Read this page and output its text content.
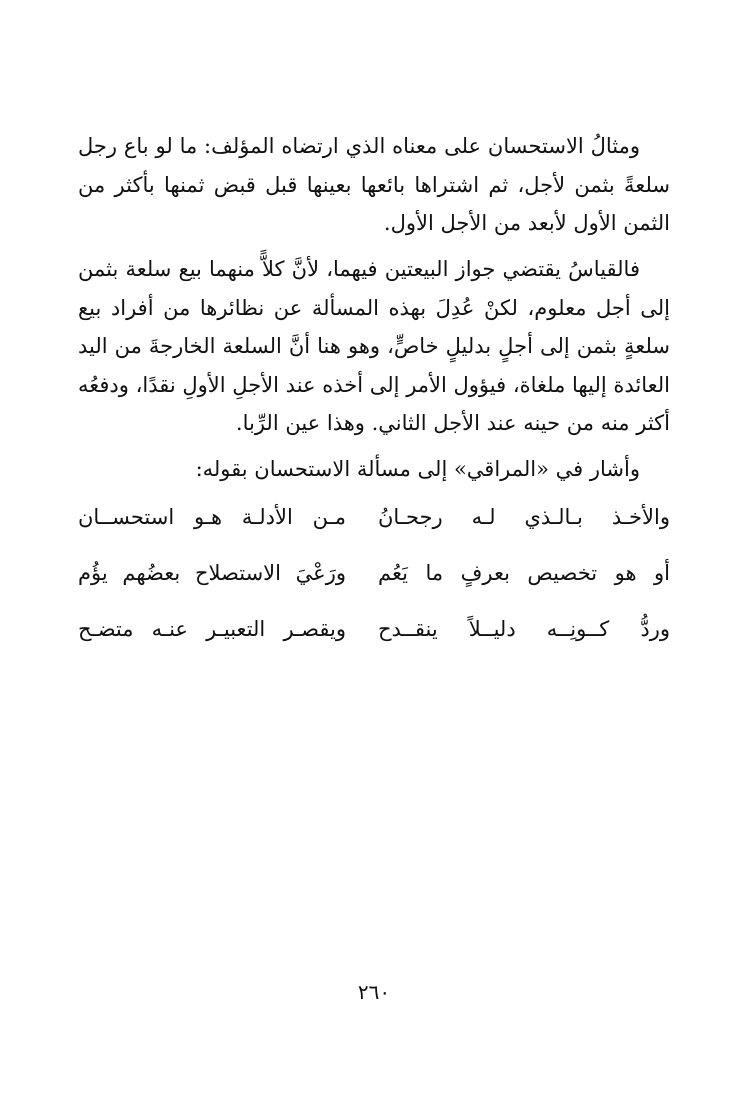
ومثالُ الاستحسان على معناه الذي ارتضاه المؤلف: ما لو باع رجل سلعةً بثمن لأجل، ثم اشتراها بائعها بعينها قبل قبض ثمنها بأكثر من الثمن الأول لأبعد من الأجل الأول.

فالقياسُ يقتضي جواز البيعتين فيهما، لأنَّ كلاًّ منهما بيع سلعة بثمن إلى أجل معلوم، لكنْ عُدِلَ بهذه المسألة عن نظائرها من أفراد بيع سلعةٍ بثمن إلى أجلٍ بدليلٍ خاصٍّ، وهو هنا أنَّ السلعة الخارجةَ من اليد العائدة إليها ملغاة، فيؤول الأمر إلى أخذه عند الأجلِ الأولِ نقدًا، ودفعُه أكثر منه من حينه عند الأجل الثاني. وهذا عين الرِّبا.

وأشار في «المراقي» إلى مسألة الاستحسان بقوله:

والأخـذ بـالـذي لـه رجحـانُ
مـن الأدلـة هـو استحســان
أو هو تخصيص بعرفٍ ما يَعُم
ورَعْيَ الاستصلاح بعضُهم يؤُم
وردُّ كــونِــه دليــلاً ينقــدح
ويقصـر التعبيـر عنـه متضـح
٢٦٠
